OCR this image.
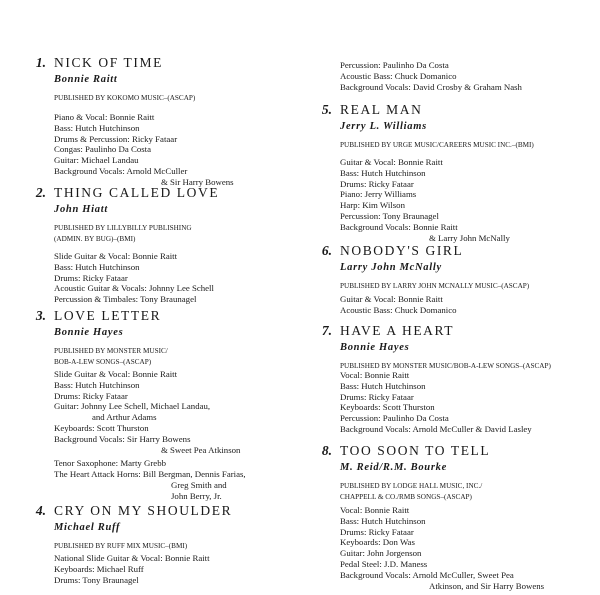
1. NICK OF TIME
Bonnie Raitt
PUBLISHED BY KOKOMO MUSIC–(ASCAP)
Piano & Vocal: Bonnie Raitt
Bass: Hutch Hutchinson
Drums & Percussion: Ricky Fataar
Congas: Paulinho Da Costa
Guitar: Michael Landau
Background Vocals: Arnold McCuller
& Sir Harry Bowens
2. THING CALLED LOVE
John Hiatt
PUBLISHED BY LILLYBILLY PUBLISHING
(ADMIN. BY BUG)–(BMI)
Slide Guitar & Vocal: Bonnie Raitt
Bass: Hutch Hutchinson
Drums: Ricky Fataar
Acoustic Guitar & Vocals: Johnny Lee Schell
Percussion & Timbales: Tony Braunagel
3. LOVE LETTER
Bonnie Hayes
PUBLISHED BY MONSTER MUSIC/
BOB-A-LEW SONGS–(ASCAP)
Slide Guitar & Vocal: Bonnie Raitt
Bass: Hutch Hutchinson
Drums: Ricky Fataar
Guitar: Johnny Lee Schell, Michael Landau,
and Arthur Adams
Keyboards: Scott Thurston
Background Vocals: Sir Harry Bowens
& Sweet Pea Atkinson
Tenor Saxophone: Marty Grebb
The Heart Attack Horns: Bill Bergman, Dennis Farias,
Greg Smith and
John Berry, Jr.
4. CRY ON MY SHOULDER
Michael Ruff
PUBLISHED BY RUFF MIX MUSIC–(BMI)
National Slide Guitar & Vocal: Bonnie Raitt
Keyboards: Michael Ruff
Drums: Tony Braunagel
Percussion: Paulinho Da Costa
Acoustic Bass: Chuck Domanico
Background Vocals: David Crosby & Graham Nash
5. REAL MAN
Jerry L. Williams
PUBLISHED BY URGE MUSIC/CAREERS MUSIC INC.–(BMI)
Guitar & Vocal: Bonnie Raitt
Bass: Hutch Hutchinson
Drums: Ricky Fataar
Piano: Jerry Williams
Harp: Kim Wilson
Percussion: Tony Braunagel
Background Vocals: Bonnie Raitt
& Larry John McNally
6. NOBODY'S GIRL
Larry John McNally
PUBLISHED BY LARRY JOHN MCNALLY MUSIC–(ASCAP)
Guitar & Vocal: Bonnie Raitt
Acoustic Bass: Chuck Domanico
7. HAVE A HEART
Bonnie Hayes
PUBLISHED BY MONSTER MUSIC/BOB-A-LEW SONGS–(ASCAP)
Vocal: Bonnie Raitt
Bass: Hutch Hutchinson
Drums: Ricky Fataar
Keyboards: Scott Thurston
Percussion: Paulinho Da Costa
Background Vocals: Arnold McCuller & David Lasley
8. TOO SOON TO TELL
M. Reid/R.M. Bourke
PUBLISHED BY LODGE HALL MUSIC, INC./
CHAPPELL & CO./RMB SONGS–(ASCAP)
Vocal: Bonnie Raitt
Bass: Hutch Hutchinson
Drums: Ricky Fataar
Keyboards: Don Was
Guitar: John Jorgenson
Pedal Steel: J.D. Maness
Background Vocals: Arnold McCuller, Sweet Pea
Atkinson, and Sir Harry Bowens
